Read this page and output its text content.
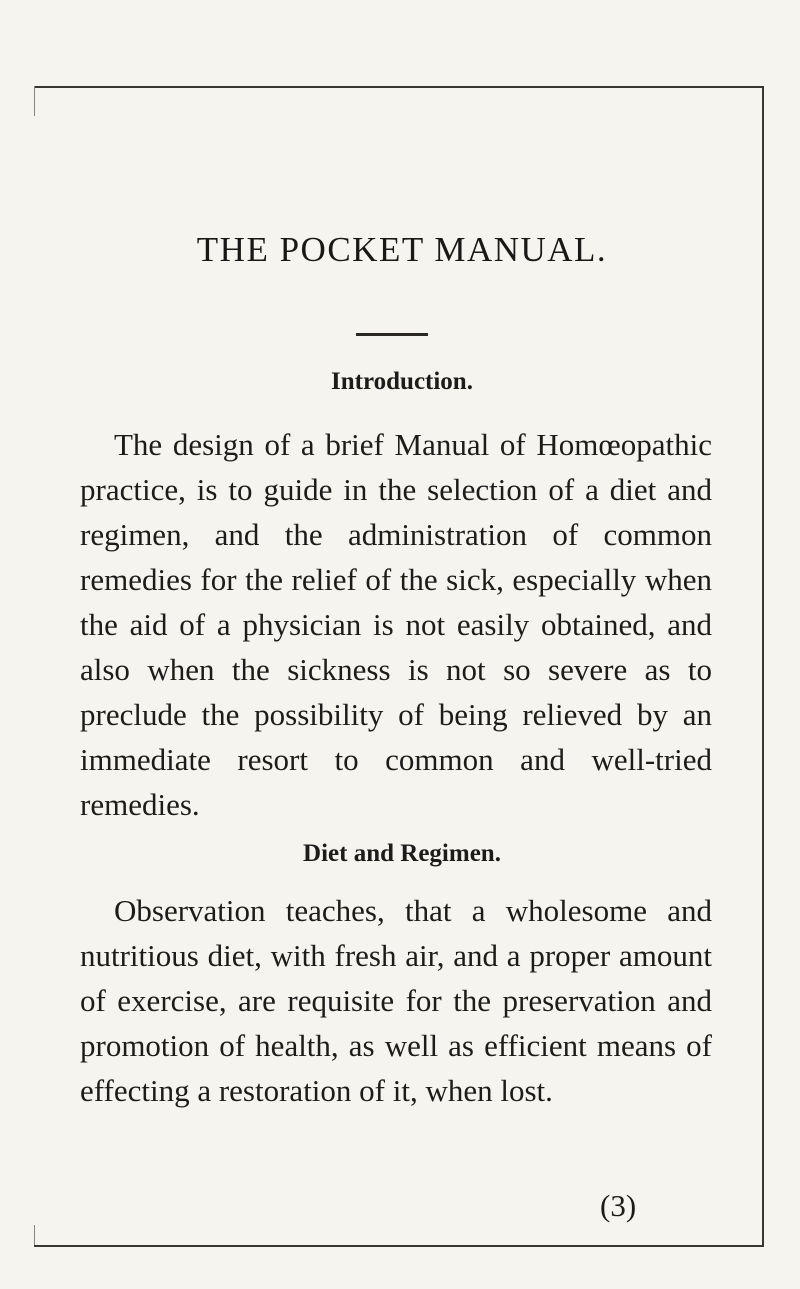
THE POCKET MANUAL.
Introduction.

The design of a brief Manual of Homœopathic practice, is to guide in the selection of a diet and regimen, and the administration of common remedies for the relief of the sick, especially when the aid of a physician is not easily obtained, and also when the sickness is not so severe as to preclude the possibility of being relieved by an immediate resort to common and well-tried remedies.

Diet and Regimen.

Observation teaches, that a wholesome and nutritious diet, with fresh air, and a proper amount of exercise, are requisite for the preservation and promotion of health, as well as efficient means of effecting a restoration of it, when lost.

(3)
